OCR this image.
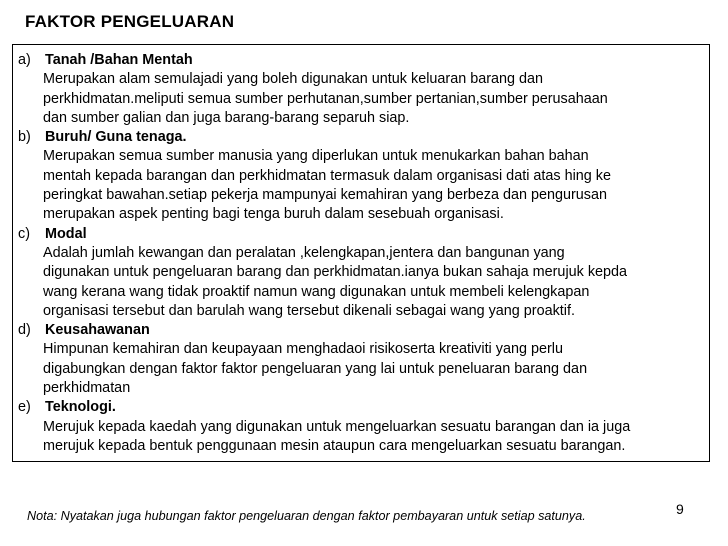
FAKTOR PENGELUARAN
a) Tanah /Bahan Mentah
Merupakan alam semulajadi yang boleh digunakan untuk keluaran barang dan
perkhidmatan.meliputi semua sumber perhutanan,sumber pertanian,sumber perusahaan
dan sumber galian dan juga barang-barang separuh siap.
b) Buruh/ Guna tenaga.
Merupakan semua sumber manusia yang diperlukan untuk menukarkan bahan bahan
mentah kepada barangan dan perkhidmatan termasuk dalam organisasi dati atas hing ke
peringkat bawahan.setiap pekerja mampunyai kemahiran yang berbeza dan pengurusan
merupakan aspek penting bagi tenga buruh dalam sesebuah organisasi.
c) Modal
Adalah jumlah kewangan dan peralatan ,kelengkapan,jentera dan bangunan yang
digunakan untuk pengeluaran barang dan perkhidmatan.ianya bukan sahaja merujuk kepda
wang kerana wang tidak proaktif namun wang digunakan untuk membeli kelengkapan
organisasi tersebut dan barulah wang tersebut dikenali sebagai wang yang proaktif.
d) Keusahawanan
Himpunan kemahiran dan keupayaan menghadaoi risikoserta kreativiti yang perlu
digabungkan dengan faktor faktor pengeluaran yang lai untuk peneluaran barang dan
perkhidmatan
e) Teknologi.
Merujuk kepada kaedah yang digunakan untuk mengeluarkan sesuatu barangan dan ia juga
merujuk kepada bentuk penggunaan mesin ataupun cara mengeluarkan sesuatu barangan.
Nota: Nyatakan juga hubungan faktor pengeluaran dengan faktor pembayaran untuk setiap satunya.	9
